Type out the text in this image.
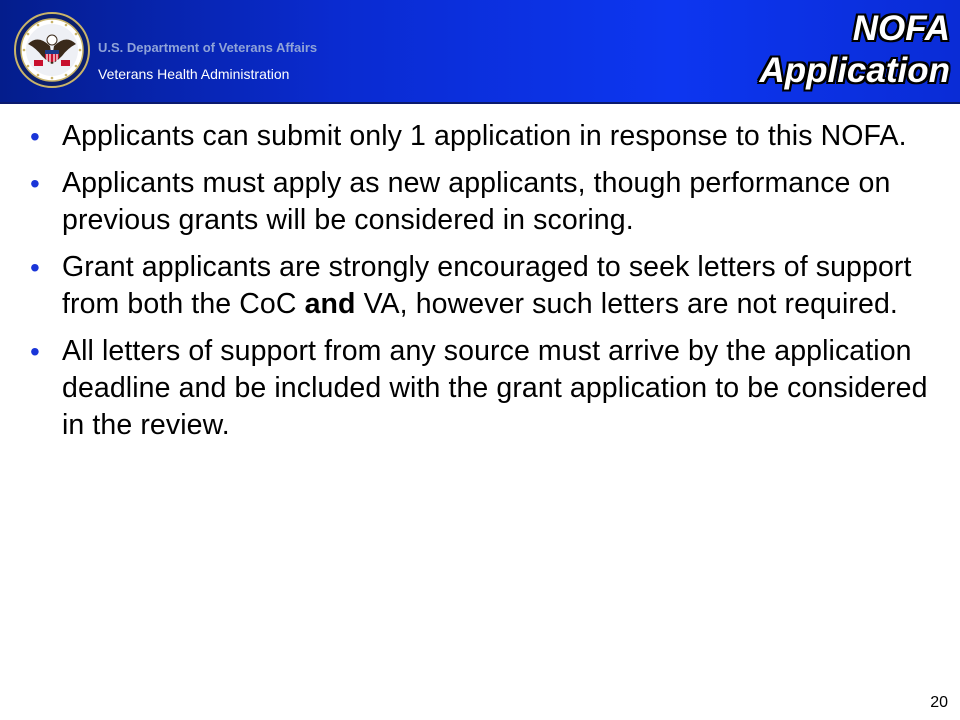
U.S. Department of Veterans Affairs
Veterans Health Administration
NOFA
Application
• Applicants can submit only 1 application in response to this NOFA.
• Applicants must apply as new applicants, though performance on previous grants will be considered in scoring.
• Grant applicants are strongly encouraged to seek letters of support from both the CoC and VA, however such letters are not required.
• All letters of support from any source must arrive by the application deadline and be included with the grant application to be considered in the review.
20
